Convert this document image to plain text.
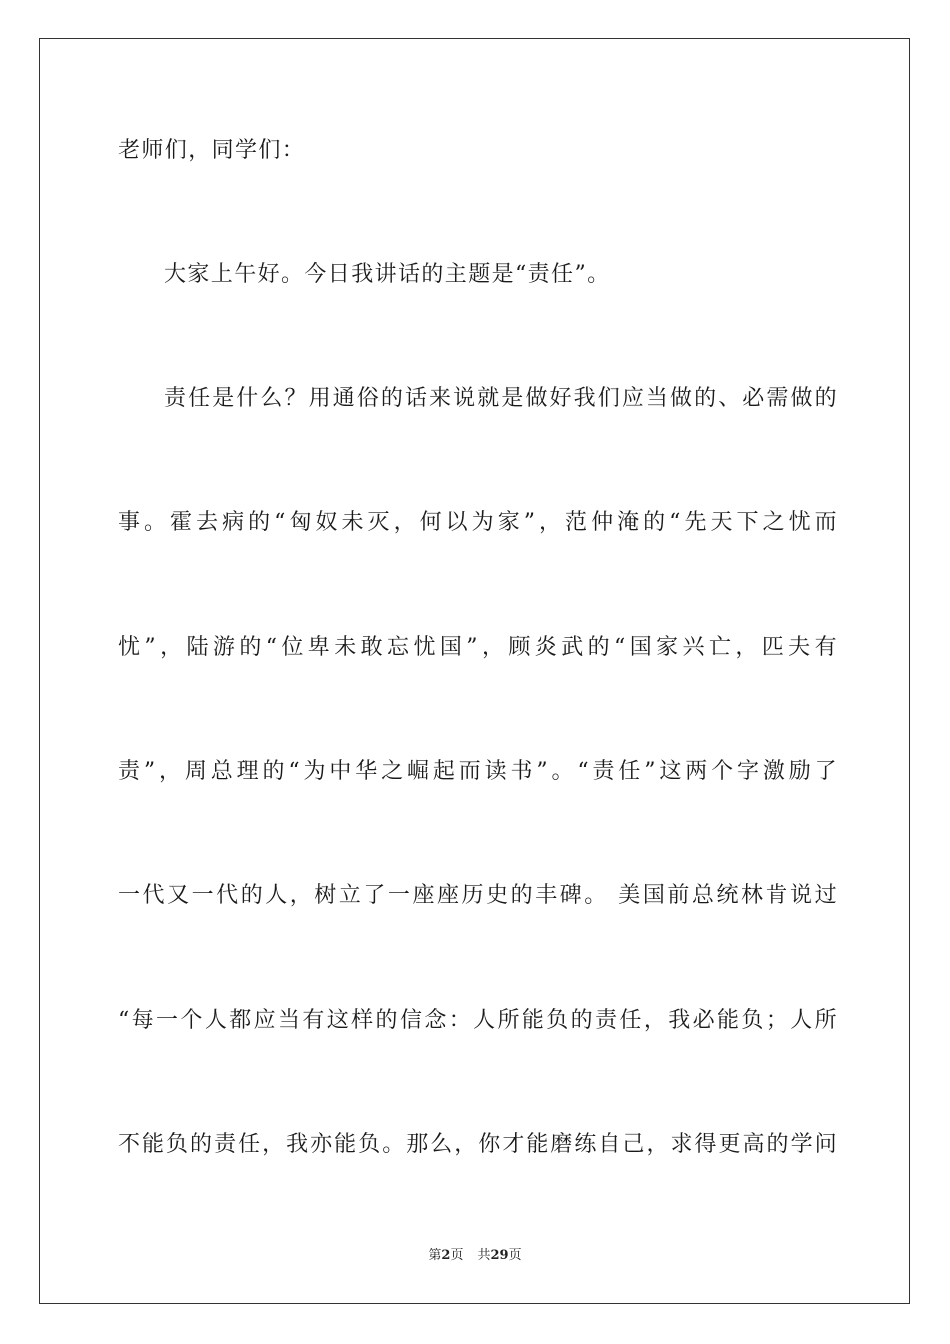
老师们，同学们：
大家上午好。今日我讲话的主题是“责任”。
责任是什么？用通俗的话来说就是做好我们应当做的、必需做的
事。霍去病的“匈奴未灭，何以为家”，范仲淹的“先天下之忧而
忧”，陆游的“位卑未敢忘忧国”，顾炎武的“国家兴亡，匹夫有
责”，周总理的“为中华之崛起而读书”。“责任”这两个字激励了
一代又一代的人，树立了一座座历史的丰碑。 美国前总统林肯说过
“每一个人都应当有这样的信念：人所能负的责任，我必能负；人所
不能负的责任，我亦能负。那么，你才能磨练自己，求得更高的学问
第2页 共29页
